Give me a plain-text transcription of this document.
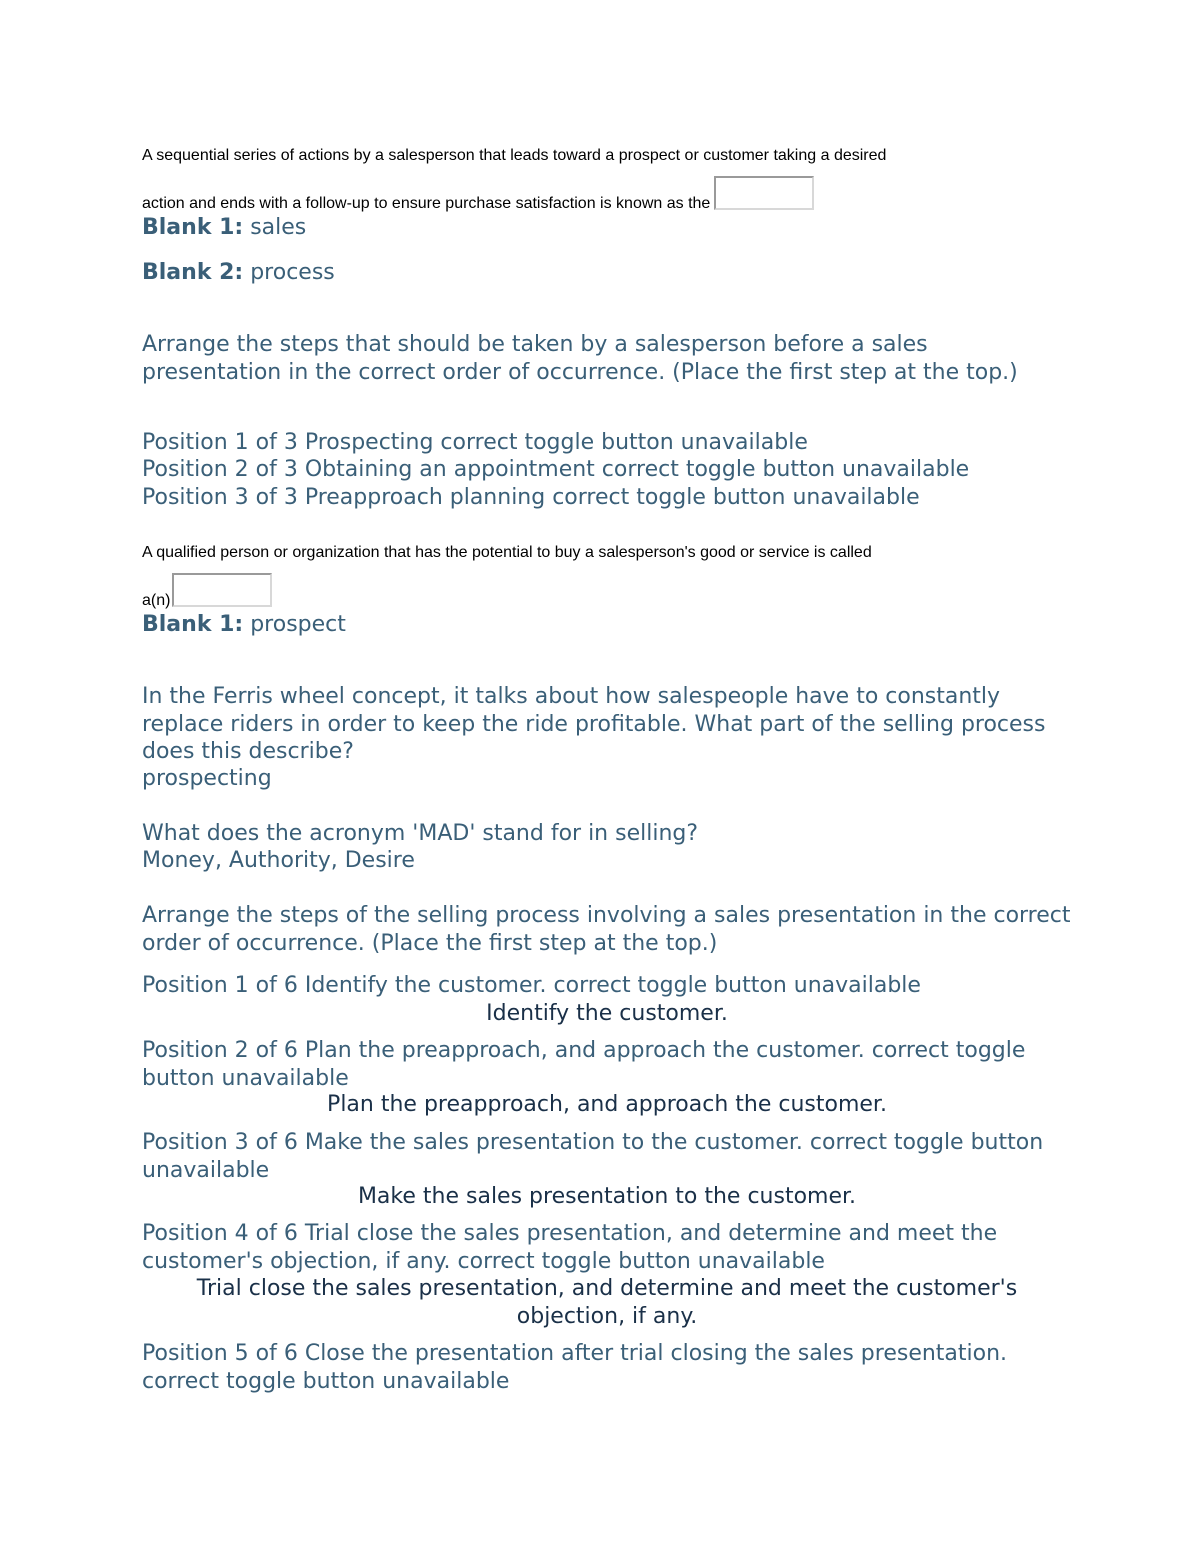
A sequential series of actions by a salesperson that leads toward a prospect or customer taking a desired
action and ends with a follow-up to ensure purchase satisfaction is known as the
Blank 1: sales
Blank 2: process
Arrange the steps that should be taken by a salesperson before a sales presentation in the correct order of occurrence. (Place the first step at the top.)
Position 1 of 3 Prospecting correct toggle button unavailable
Position 2 of 3 Obtaining an appointment correct toggle button unavailable
Position 3 of 3 Preapproach planning correct toggle button unavailable
A qualified person or organization that has the potential to buy a salesperson's good or service is called
a(n)
Blank 1: prospect
In the Ferris wheel concept, it talks about how salespeople have to constantly replace riders in order to keep the ride profitable. What part of the selling process does this describe?
prospecting
What does the acronym 'MAD' stand for in selling?
Money, Authority, Desire
Arrange the steps of the selling process involving a sales presentation in the correct order of occurrence. (Place the first step at the top.)
Position 1 of 6 Identify the customer. correct toggle button unavailable
Identify the customer.
Position 2 of 6 Plan the preapproach, and approach the customer. correct toggle button unavailable
Plan the preapproach, and approach the customer.
Position 3 of 6 Make the sales presentation to the customer. correct toggle button unavailable
Make the sales presentation to the customer.
Position 4 of 6 Trial close the sales presentation, and determine and meet the customer's objection, if any. correct toggle button unavailable
Trial close the sales presentation, and determine and meet the customer's objection, if any.
Position 5 of 6 Close the presentation after trial closing the sales presentation. correct toggle button unavailable
